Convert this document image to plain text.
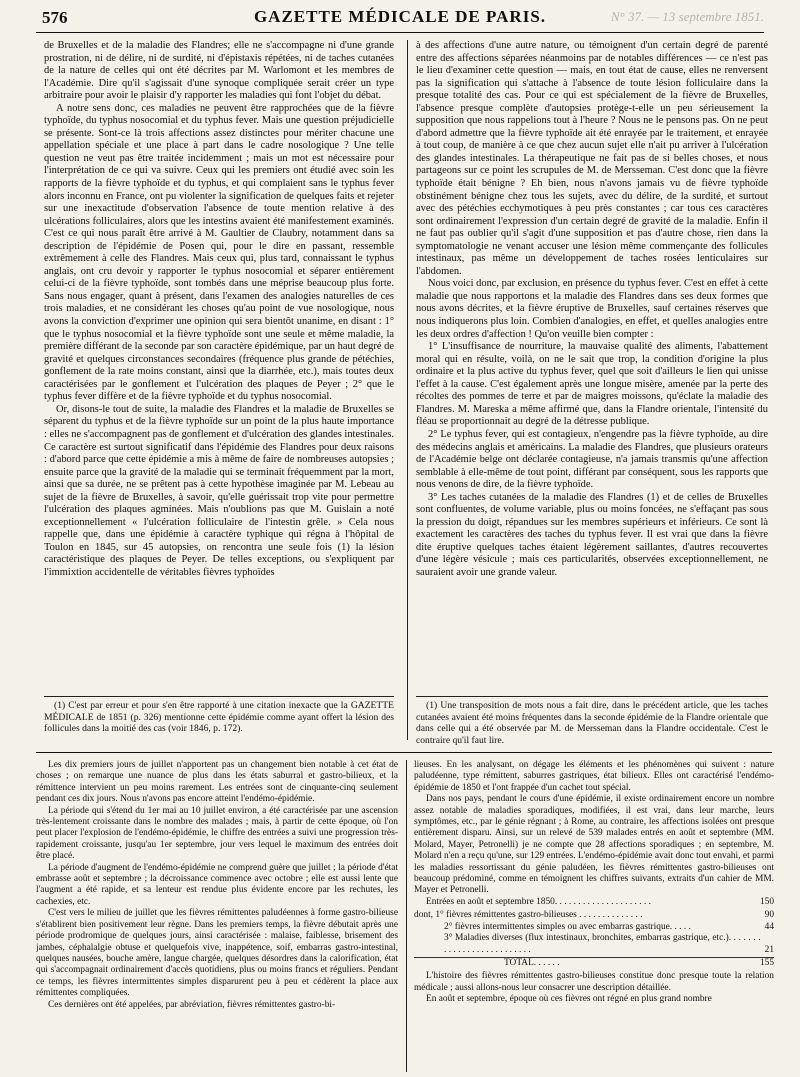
576	GAZETTE MÉDICALE DE PARIS.	N° 37. — 13 septembre 1851.

de Bruxelles et de la maladie des Flandres; elle ne s'accompagne ni d'une grande prostration, ni de délire, ni de surdité, ni d'épistaxis répétées, ni de taches cutanées de la nature de celles qui ont été décrites par M. Warlomont et les membres de l'Académie. Dire qu'il s'agissait d'une synoque compliquée serait créer un type arbitraire pour avoir le plaisir d'y rapporter les maladies qui font l'objet du débat.

A notre sens donc, ces maladies ne peuvent être rapprochées que de la fièvre typhoïde, du typhus nosocomial et du typhus fever. Mais une question préjudicielle se présente. Sont-ce là trois affections assez distinctes pour mériter chacune une appellation spéciale et une place à part dans le cadre nosologique ? Une telle question ne veut pas être traitée incidemment ; mais un mot est nécessaire pour l'interprétation de ce qui va suivre. Ceux qui les premiers ont étudié avec soin les rapports de la fièvre typhoïde et du typhus, et qui complaient sans le typhus fever alors inconnu en France, ont pu violenter la signification de quelques faits et rejeter sur une inexactitude d'observation l'absence de toute mention relative à des ulcérations folliculaires, alors que les intestins avaient été manifestement examinés. C'est ce qui nous paraît être arrivé à M. Gaultier de Claubry, notamment dans sa description de l'épidémie de Posen qui, pour le dire en passant, ressemble extrêmement à celle des Flandres. Mais ceux qui, plus tard, connaissant le typhus anglais, ont cru devoir y rapporter le typhus nosocomial et séparer entièrement celui-ci de la fièvre typhoïde, sont tombés dans une méprise beaucoup plus forte. Sans nous engager, quant à présent, dans l'examen des analogies naturelles de ces trois maladies, et ne considérant les choses qu'au point de vue nosologique, nous avons la conviction d'exprimer une opinion qui sera bientôt unanime, en disant : 1° que le typhus nosocomial et la fièvre typhoïde sont une seule et même maladie, la première différant de la seconde par son caractère épidémique, par un haut degré de gravité et quelques circonstances secondaires (fréquence plus grande de pétéchies, gonflement de la rate moins constant, ainsi que la diarrhée, etc.), mais toutes deux caractérisées par le gonflement et l'ulcération des plaques de Peyer ; 2° que le typhus fever diffère et de la fièvre typhoïde et du typhus nosocomial.

Or, disons-le tout de suite, la maladie des Flandres et la maladie de Bruxelles se séparent du typhus et de la fièvre typhoïde sur un point de la plus haute importance : elles ne s'accompagnent pas de gonflement et d'ulcération des glandes intestinales. Ce caractère est surtout significatif dans l'épidémie des Flandres pour deux raisons : d'abord parce que cette épidémie a mis à même de faire de nombreuses autopsies ; ensuite parce que la gravité de la maladie qui se terminait fréquemment par la mort, ainsi que sa durée, ne se prêtent pas à cette hypothèse imaginée par M. Lebeau au sujet de la fièvre de Bruxelles, à savoir, qu'elle guérissait trop vite pour permettre l'ulcération des plaques agminées. Mais n'oublions pas que M. Guislain a noté exceptionnellement « l'ulcération folliculaire de l'intestin grêle. » Cela nous rappelle que, dans une épidémie à caractère typhique qui régna à l'hôpital de Toulon en 1845, sur 45 autopsies, on rencontra une seule fois (1) la lésion caractéristique des plaques de Peyer. De telles exceptions, ou s'expliquent par l'immixtion accidentelle de véritables fièvres typhoïdes

à des affections d'une autre nature, ou témoignent d'un certain degré de parenté entre des affections séparées néanmoins par de notables différences — ce n'est pas le lieu d'examiner cette question — mais, en tout état de cause, elles ne renversent pas la signification qui s'attache à l'absence de toute lésion folliculaire dans la presque totalité des cas. Pour ce qui est spécialement de la fièvre de Bruxelles, l'absence presque complète d'autopsies protège-t-elle un peu sérieusement la supposition que nous rappelions tout à l'heure ? Nous ne le pensons pas. On ne peut d'abord admettre que la fièvre typhoïde ait été enrayée par le traitement, et enrayée à tout coup, de manière à ce que chez aucun sujet elle n'ait pu arriver à l'ulcération des glandes intestinales. La thérapeutique ne fait pas de si belles choses, et nous partageons sur ce point les scrupules de M. de Mersseman. C'est donc que la fièvre typhoïde était bénigne ? Eh bien, nous n'avons jamais vu de fièvre typhoïde obstinément bénigne chez tous les sujets, avec du délire, de la surdité, et surtout avec des pétéchies ecchymotiques à peu près constantes ; car tous ces caractères sont ordinairement l'expression d'un certain degré de gravité de la maladie. Enfin il ne faut pas oublier qu'il s'agit d'une supposition et pas d'autre chose, rien dans la symptomatologie ne venant accuser une lésion même commençante des follicules intestinaux, pas même un développement de taches rosées lenticulaires sur l'abdomen.

Nous voici donc, par exclusion, en présence du typhus fever. C'est en effet à cette maladie que nous rapportons et la maladie des Flandres dans ses deux formes que nous avons décrites, et la fièvre éruptive de Bruxelles, sauf certaines réserves que nous indiquerons plus loin. Combien d'analogies, en effet, et quelles analogies entre les deux ordres d'affection ! Qu'on veuille bien compter :

1° L'insuffisance de nourriture, la mauvaise qualité des aliments, l'abattement moral qui en résulte, voilà, on ne le sait que trop, la condition d'origine la plus ordinaire et la plus active du typhus fever, quel que soit d'ailleurs le lien qui unisse l'effet à la cause. C'est également après une longue misère, amenée par la perte des récoltes des pommes de terre et par de maigres moissons, qu'éclate la maladie des Flandres. M. Mareska a même affirmé que, dans la Flandre orientale, l'intensité du fléau se proportionnait au degré de la détresse publique.

2° Le typhus fever, qui est contagieux, n'engendre pas la fièvre typhoïde, au dire des médecins anglais et américains. La maladie des Flandres, que plusieurs orateurs de l'Académie belge ont déclarée contagieuse, n'a jamais transmis qu'une affection semblable à elle-même de tout point, différant par conséquent, sous les rapports que nous venons de dire, de la fièvre typhoïde.

3° Les taches cutanées de la maladie des Flandres (1) et de celles de Bruxelles sont confluentes, de volume variable, plus ou moins foncées, ne s'effaçant pas sous la pression du doigt, répandues sur les membres supérieurs et inférieurs. Ce sont là exactement les caractères des taches du typhus fever. Il est vrai que dans la fièvre dite éruptive quelques taches étaient légèrement saillantes, d'autres recouvertes d'une légère vésicule ; mais ces particularités, observées exceptionnellement, ne sauraient avoir une grande valeur.

(1) C'est par erreur et pour s'en être rapporté à une citation inexacte que la GAZETTE MÉDICALE de 1851 (p. 326) mentionne cette épidémie comme ayant offert la lésion des follicules dans la moitié des cas (voir 1846, p. 172).

(1) Une transposition de mots nous a fait dire, dans le précédent article, que les taches cutanées avaient été moins fréquentes dans la seconde épidémie de la Flandre orientale que dans celle qui a été observée par M. de Mersseman dans la Flandre occidentale. C'est le contraire qu'il faut lire.

Les dix premiers jours de juillet n'apportent pas un changement bien notable à cet état de choses ; on remarque une nuance de plus dans les états saburral et gastro-bilieux, et la rémittence intervient un peu moins rarement. Les entrées sont de cinquante-cinq seulement pendant ces dix jours. Nous n'avons pas encore atteint l'endémo-épidémie.

La période qui s'étend du 1er mai au 10 juillet environ, a été caractérisée par une ascension très-lentement croissante dans le nombre des malades ; mais, à partir de cette époque, où l'on peut placer l'explosion de l'endémo-épidémie, le chiffre des entrées a suivi une progression très-rapidement croissante, jusqu'au 1er septembre, jour vers lequel le maximum des entrées doit être placé.

La période d'augment de l'endémo-épidémie ne comprend guère que juillet ; la période d'état embrasse août et septembre ; la décroissance commence avec octobre ; elle est aussi lente que l'augment a été rapide, et sa lenteur est rendue plus évidente encore par les rechutes, les cachexies, etc.

C'est vers le milieu de juillet que les fièvres rémittentes paludéennes à forme gastro-bilieuse s'établirent bien positivement leur règne. Dans les premiers temps, la fièvre débutait après une période prodromique de quelques jours, ainsi caractérisée : malaise, faiblesse, brisement des jambes, céphalalgie obtuse et quelquefois vive, inappétence, soif, embarras gastro-intestinal, quelques nausées, bouche amère, langue chargée, quelques désordres dans la calorification, état qui s'accompagnait ordinairement d'accès quotidiens, plus ou moins francs et réguliers. Pendant ce temps, les fièvres intermittentes simples disparurent peu à peu et cédèrent la place aux rémittentes compliquées.

Ces dernières ont été appelées, par abréviation, fièvres rémittentes gastro-bi-

lieuses. En les analysant, on dégage les éléments et les phénomènes qui suivent : nature paludéenne, type rémittent, saburres gastriques, état bilieux. Elles ont caractérisé l'endémo-épidémie de 1850 et l'ont frappée d'un cachet tout spécial.

Dans nos pays, pendant le cours d'une épidémie, il existe ordinairement encore un nombre assez notable de maladies sporadiques, modifiées, il est vrai, dans leur marche, leurs symptômes, etc., par le génie régnant ; à Rome, au contraire, les affections isolées ont presque entièrement disparu. Ainsi, sur un relevé de 539 malades entrés en août et septembre (MM. Molard, Mayer, Petronelli) je ne compte que 28 affections sporadiques ; en septembre, M. Molard n'en a reçu qu'une, sur 129 entrées. L'endémo-épidémie avait donc tout envahi, et parmi les maladies ressortissant du génie paludéen, les fièvres rémittentes gastro-bilieuses ont beaucoup prédominé, comme en témoignent les chiffres suivants, extraits d'un cahier de MM. Mayer et Petronelli.

Entrées en août et septembre 1850. . . . . . . . . . . . . . . . . . . . .	150
dont, 1° fièvres rémittentes gastro-bilieuses . . . . . . . . . . . . . .	90
2° fièvres intermittentes simples ou avec embarras gastrique. . . . .	44
3° Maladies diverses (flux intestinaux, bronchites, embarras gastrique, etc.). . . . . . . . . . . . . . . . . . . . . . . . . .	21
TOTAL. . . . . .	155

L'histoire des fièvres rémittentes gastro-bilieuses constitue donc presque toute la relation médicale ; aussi allons-nous leur consacrer une description détaillée.

En août et septembre, époque où ces fièvres ont régné en plus grand nombre
